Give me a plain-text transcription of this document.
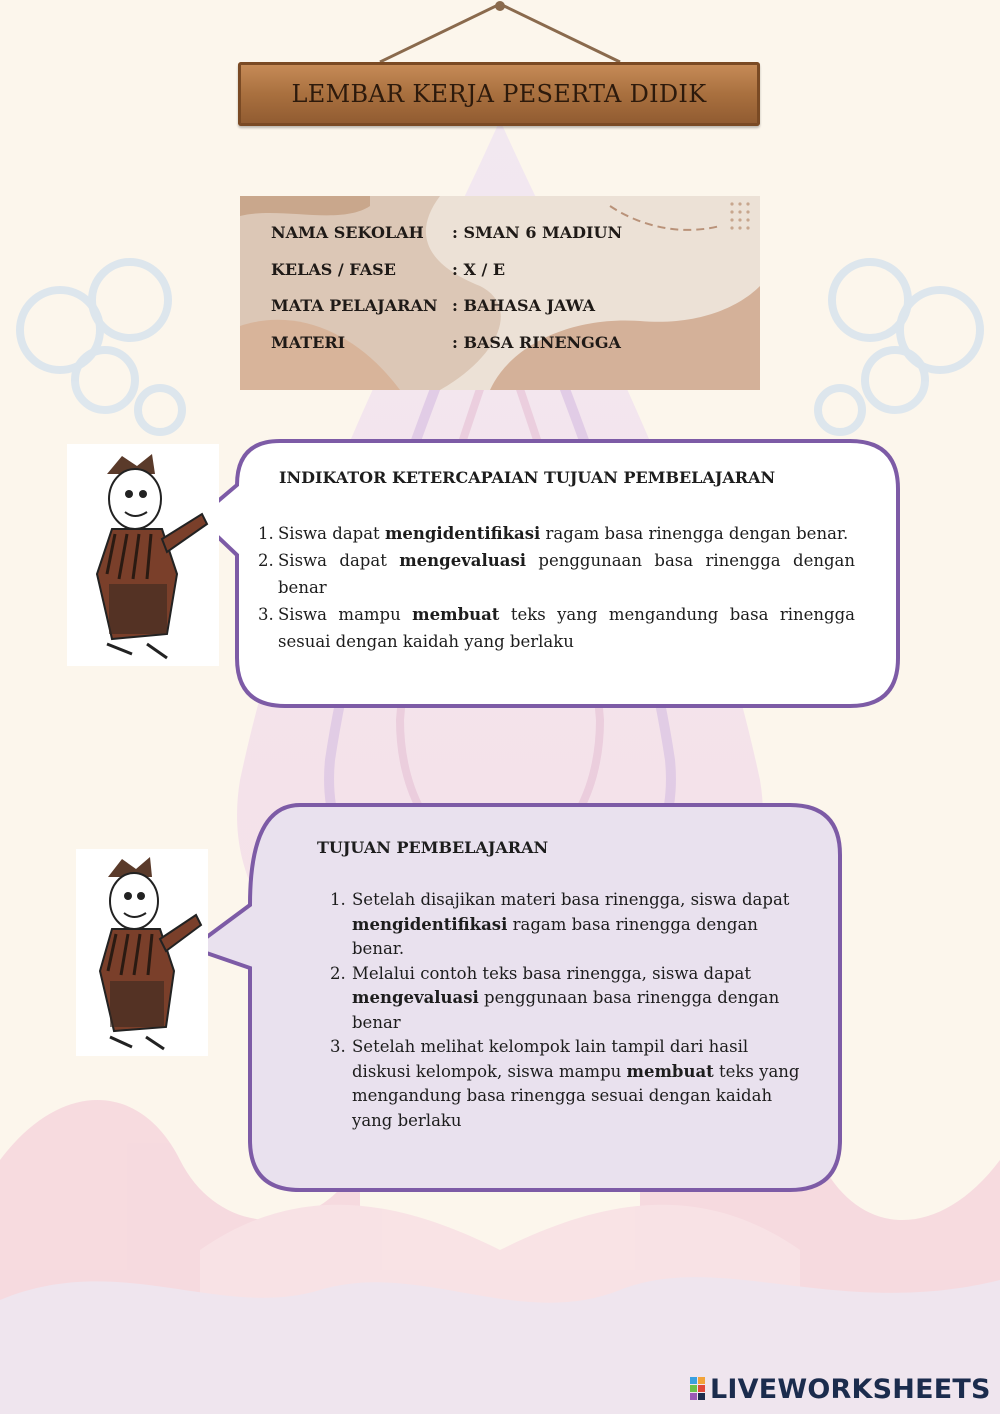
LEMBAR KERJA PESERTA DIDIK
NAMA SEKOLAH	: SMAN 6 MADIUN
KELAS / FASE	: X / E
MATA PELAJARAN : BAHASA JAWA
MATERI	: BASA RINENGGA
INDIKATOR KETERCAPAIAN TUJUAN PEMBELAJARAN
1. Siswa dapat mengidentifikasi ragam basa rinengga dengan benar.
2. Siswa dapat mengevaluasi penggunaan basa rinengga dengan benar
3. Siswa mampu membuat teks yang mengandung basa rinengga sesuai dengan kaidah yang berlaku
TUJUAN PEMBELAJARAN
1. Setelah disajikan materi basa rinengga, siswa dapat mengidentifikasi ragam basa rinengga dengan benar.
2. Melalui contoh teks basa rinengga, siswa dapat mengevaluasi penggunaan basa rinengga dengan benar
3. Setelah melihat kelompok lain tampil dari hasil diskusi kelompok, siswa mampu membuat teks yang mengandung basa rinengga sesuai dengan kaidah yang berlaku
LIVEWORKSHEETS
